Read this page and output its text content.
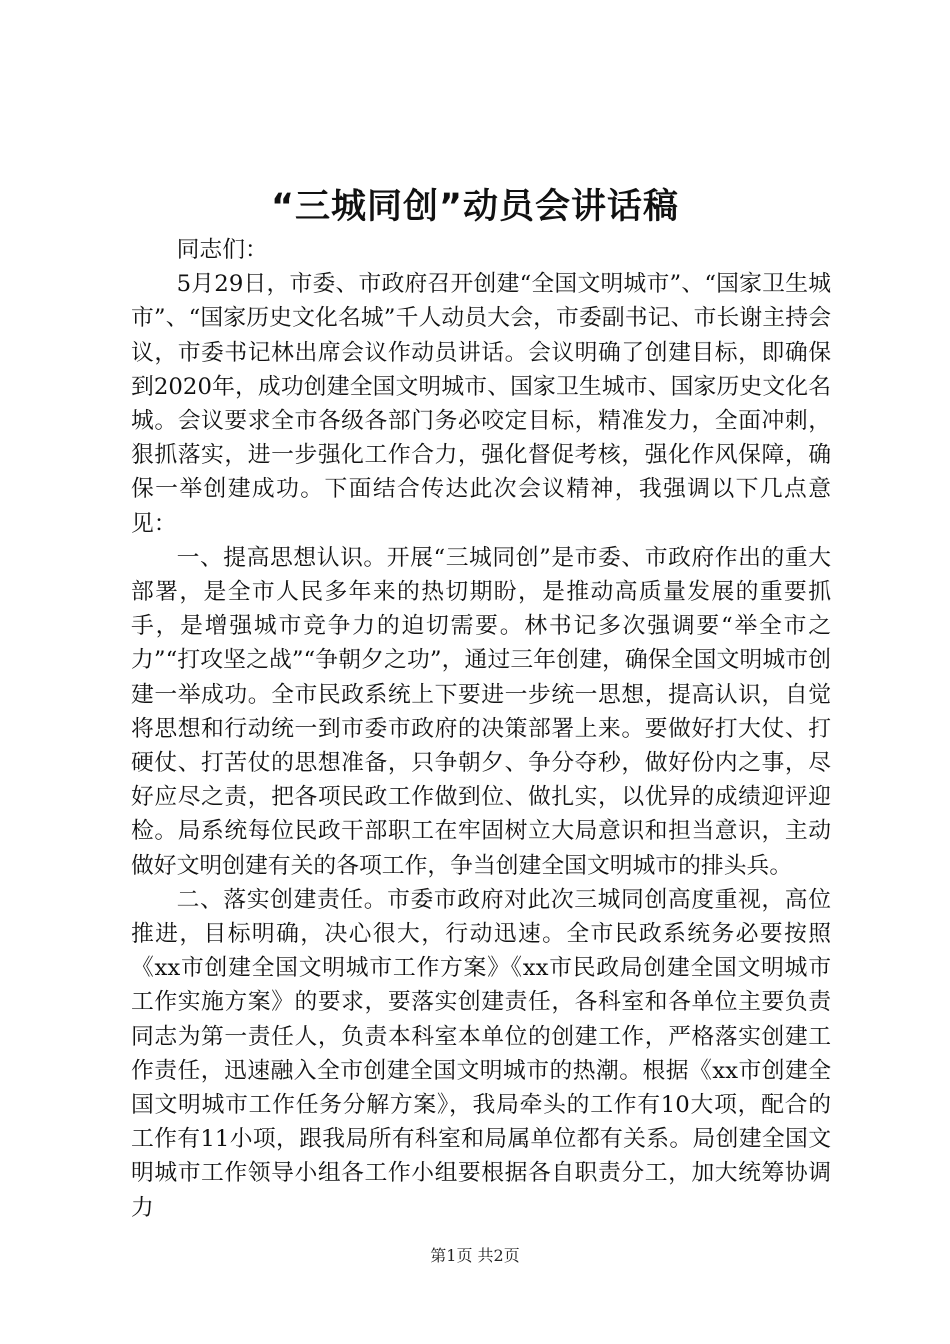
“三城同创”动员会讲话稿

同志们：

5月29日，市委、市政府召开创建“全国文明城市”、“国家卫生城市”、“国家历史文化名城”千人动员大会，市委副书记、市长谢主持会议，市委书记林出席会议作动员讲话。会议明确了创建目标，即确保到2020年，成功创建全国文明城市、国家卫生城市、国家历史文化名城。会议要求全市各级各部门务必咬定目标，精准发力，全面冲刺，狠抓落实，进一步强化工作合力，强化督促考核，强化作风保障，确保一举创建成功。下面结合传达此次会议精神，我强调以下几点意见：

一、提高思想认识。开展“三城同创”是市委、市政府作出的重大部署，是全市人民多年来的热切期盼，是推动高质量发展的重要抓手，是增强城市竞争力的迫切需要。林书记多次强调要“举全市之力”“打攻坚之战”“争朝夕之功”，通过三年创建，确保全国文明城市创建一举成功。全市民政系统上下要进一步统一思想，提高认识，自觉将思想和行动统一到市委市政府的决策部署上来。要做好打大仗、打硬仗、打苦仗的思想准备，只争朝夕、争分夺秒，做好份内之事，尽好应尽之责，把各项民政工作做到位、做扎实，以优异的成绩迎评迎检。局系统每位民政干部职工在牢固树立大局意识和担当意识，主动做好文明创建有关的各项工作，争当创建全国文明城市的排头兵。

二、落实创建责任。市委市政府对此次三城同创高度重视，高位推进，目标明确，决心很大，行动迅速。全市民政系统务必要按照《xx市创建全国文明城市工作方案》《xx市民政局创建全国文明城市工作实施方案》的要求，要落实创建责任，各科室和各单位主要负责同志为第一责任人，负责本科室本单位的创建工作，严格落实创建工作责任，迅速融入全市创建全国文明城市的热潮。根据《xx市创建全国文明城市工作任务分解方案》，我局牵头的工作有10大项，配合的工作有11小项，跟我局所有科室和局属单位都有关系。局创建全国文明城市工作领导小组各工作小组要根据各自职责分工，加大统筹协调力

第1页 共2页
